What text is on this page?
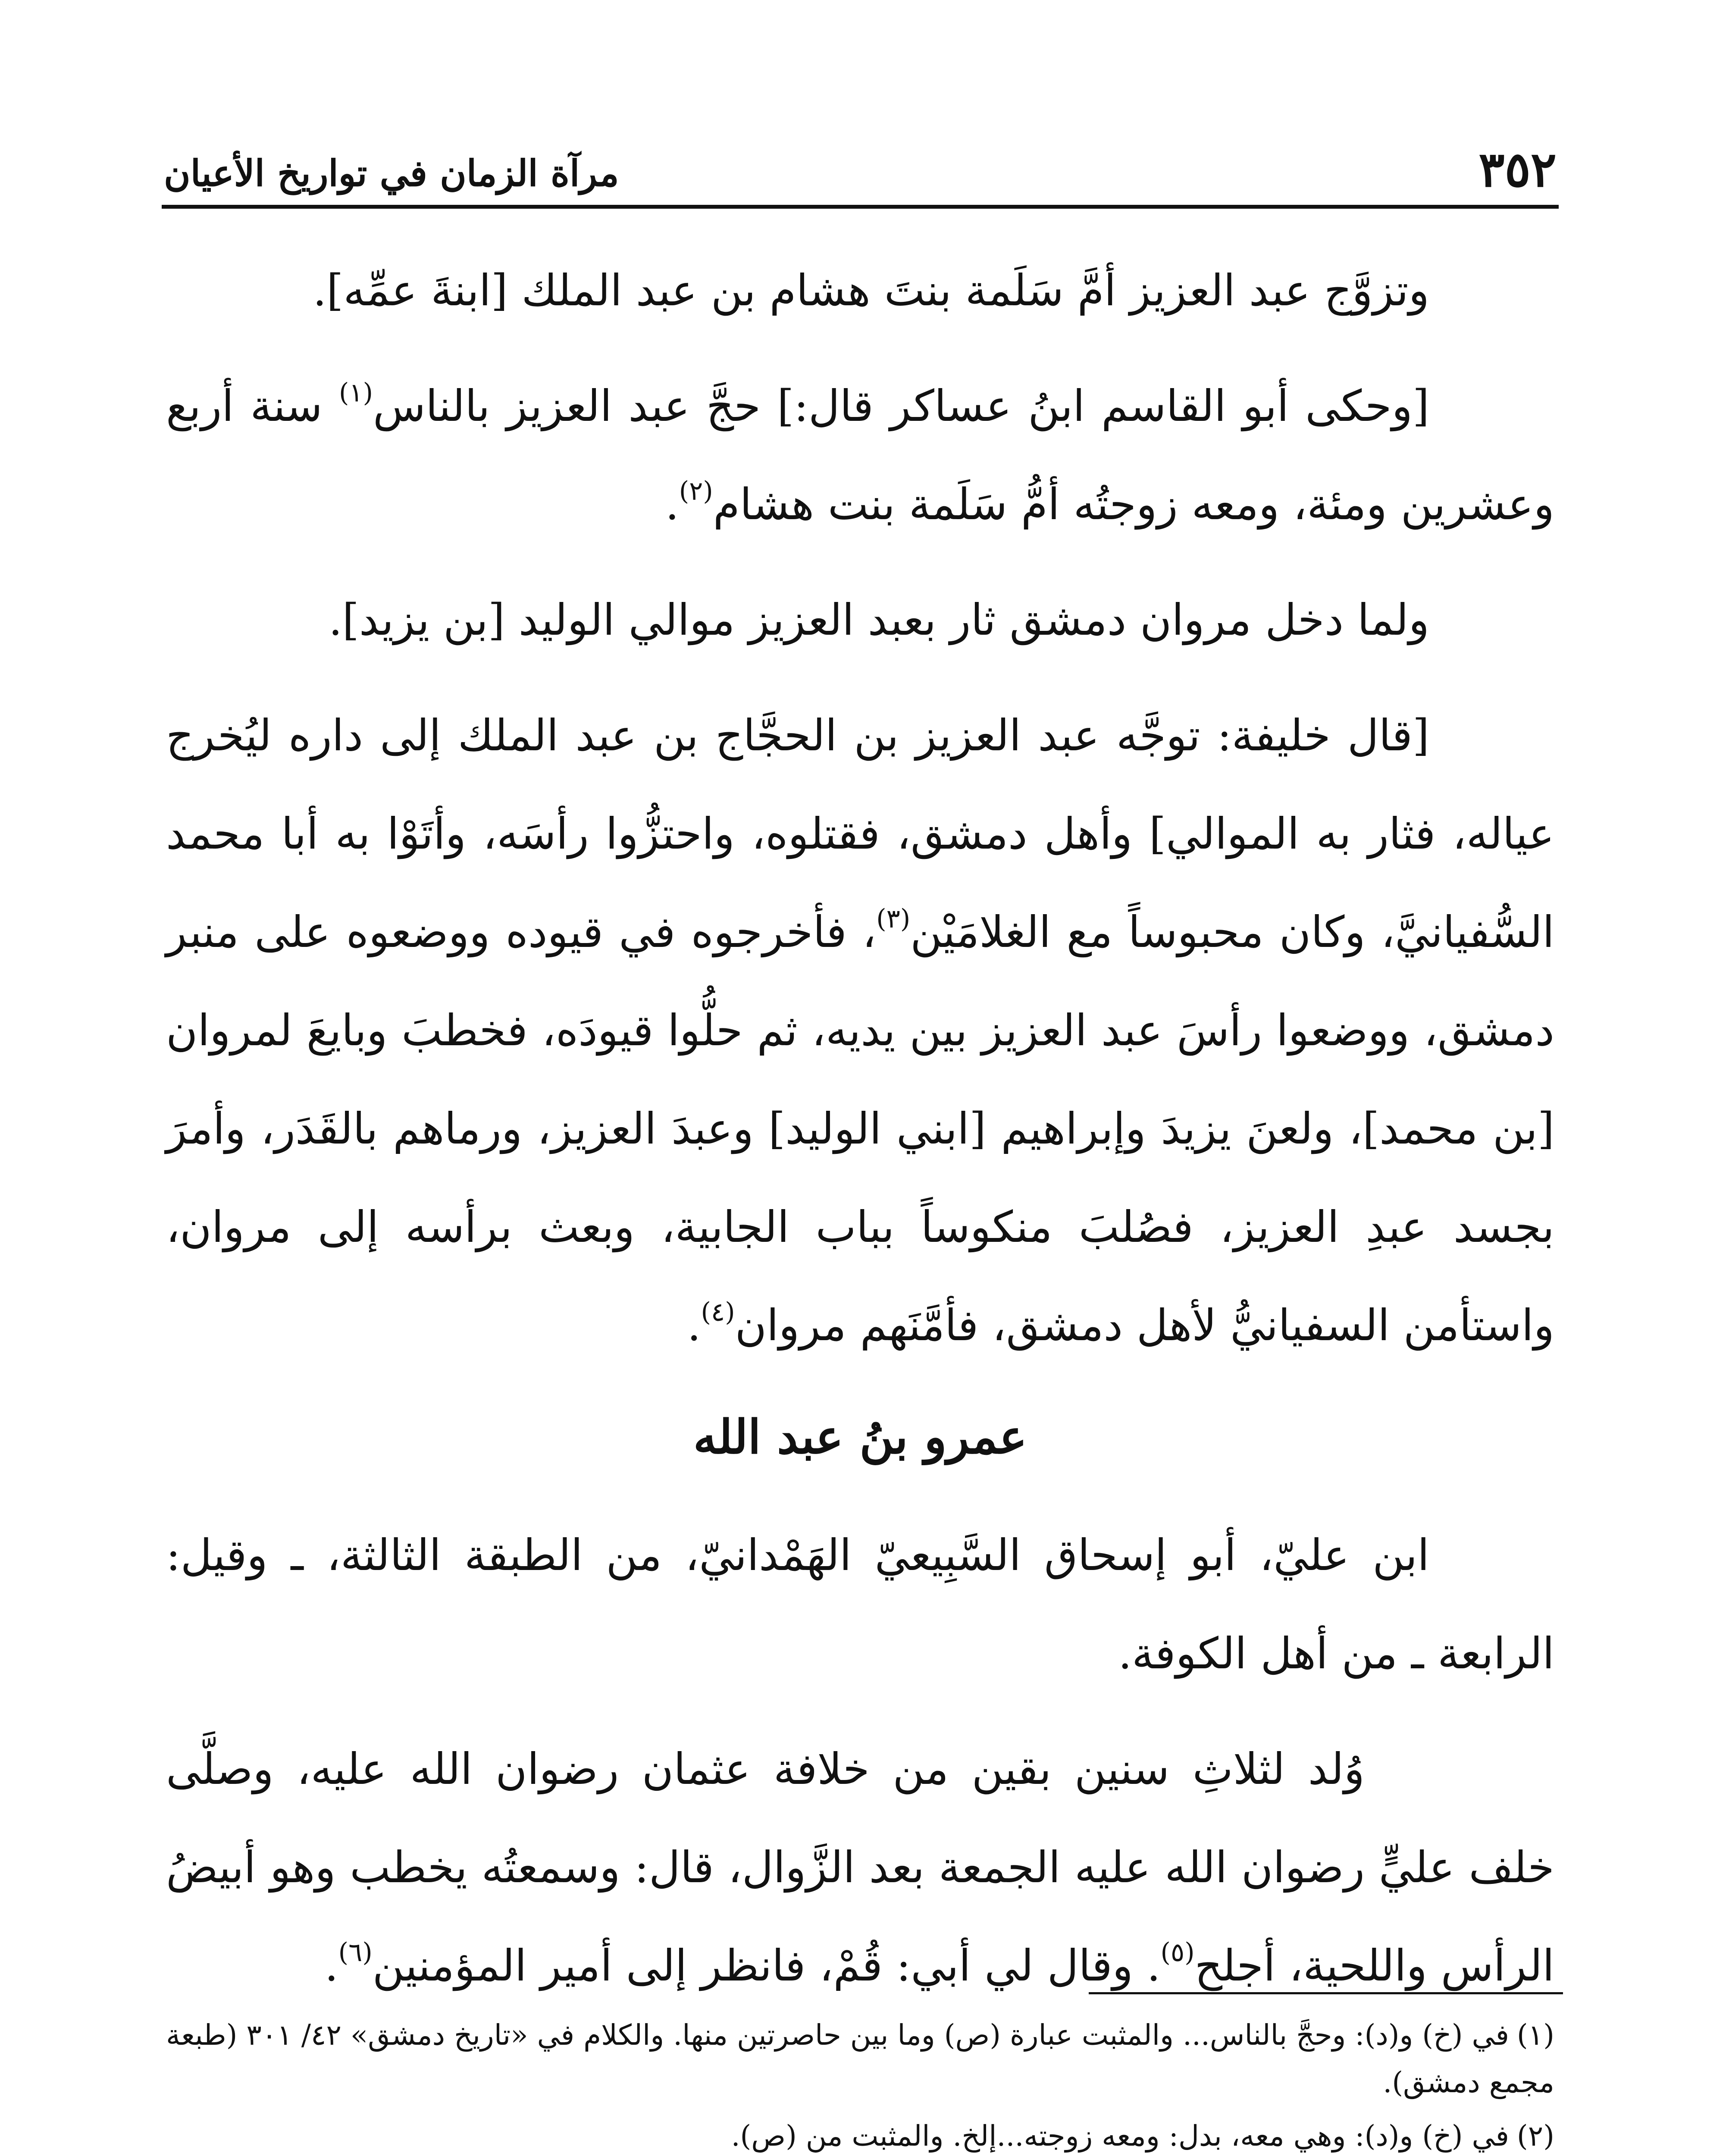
٣٥٢
مرآة الزمان في تواريخ الأعيان

وتزوَّج عبد العزيز أمَّ سَلَمة بنتَ هشام بن عبد الملك [ابنةَ عمِّه].

[وحكى أبو القاسم ابنُ عساكر قال:] حجَّ عبد العزيز بالناس$^{(١)}$ سنة أربع وعشرين ومئة، ومعه زوجتُه أمُّ سَلَمة بنت هشام$^{(٢)}$.

ولما دخل مروان دمشق ثار بعبد العزيز موالي الوليد [بن يزيد].

[قال خليفة: توجَّه عبد العزيز بن الحجَّاج بن عبد الملك إلى داره ليُخرج عياله، فثار به الموالي] وأهل دمشق، فقتلوه، واحتزُّوا رأسَه، وأتَوْا به أبا محمد السُّفيانيَّ، وكان محبوساً مع الغلامَيْن$^{(٣)}$، فأخرجوه في قيوده ووضعوه على منبر دمشق، ووضعوا رأسَ عبد العزيز بين يديه، ثم حلُّوا قيودَه، فخطبَ وبايعَ لمروان [بن محمد]، ولعنَ يزيدَ وإبراهيم [ابني الوليد] وعبدَ العزيز، ورماهم بالقَدَر، وأمرَ بجسد عبدِ العزيز، فصُلبَ منكوساً بباب الجابية، وبعث برأسه إلى مروان، واستأمن السفيانيُّ لأهل دمشق، فأمَّنَهم مروان$^{(٤)}$.

عمرو بنُ عبد الله

ابن عليّ، أبو إسحاق السَّبِيعيّ الهَمْدانيّ، من الطبقة الثالثة، ـ وقيل: الرابعة ـ من أهل الكوفة.

وُلد لثلاثِ سنين بقين من خلافة عثمان رضوان الله عليه، وصلَّى خلف عليٍّ رضوان الله عليه الجمعة بعد الزَّوال، قال: وسمعتُه يخطب وهو أبيضُ الرأس واللحية، أجلح$^{(٥)}$. وقال لي أبي: قُمْ، فانظر إلى أمير المؤمنين$^{(٦)}$.

(١)في (خ) و(د): وحجَّ بالناس... والمثبت عبارة (ص) وما بين حاصرتين منها. والكلام في «تاريخ دمشق» ٤٢/ ٣٠١ (طبعة مجمع دمشق).
(٢)في (خ) و(د): وهي معه، بدل: ومعه زوجته...إلخ. والمثبت من (ص).
